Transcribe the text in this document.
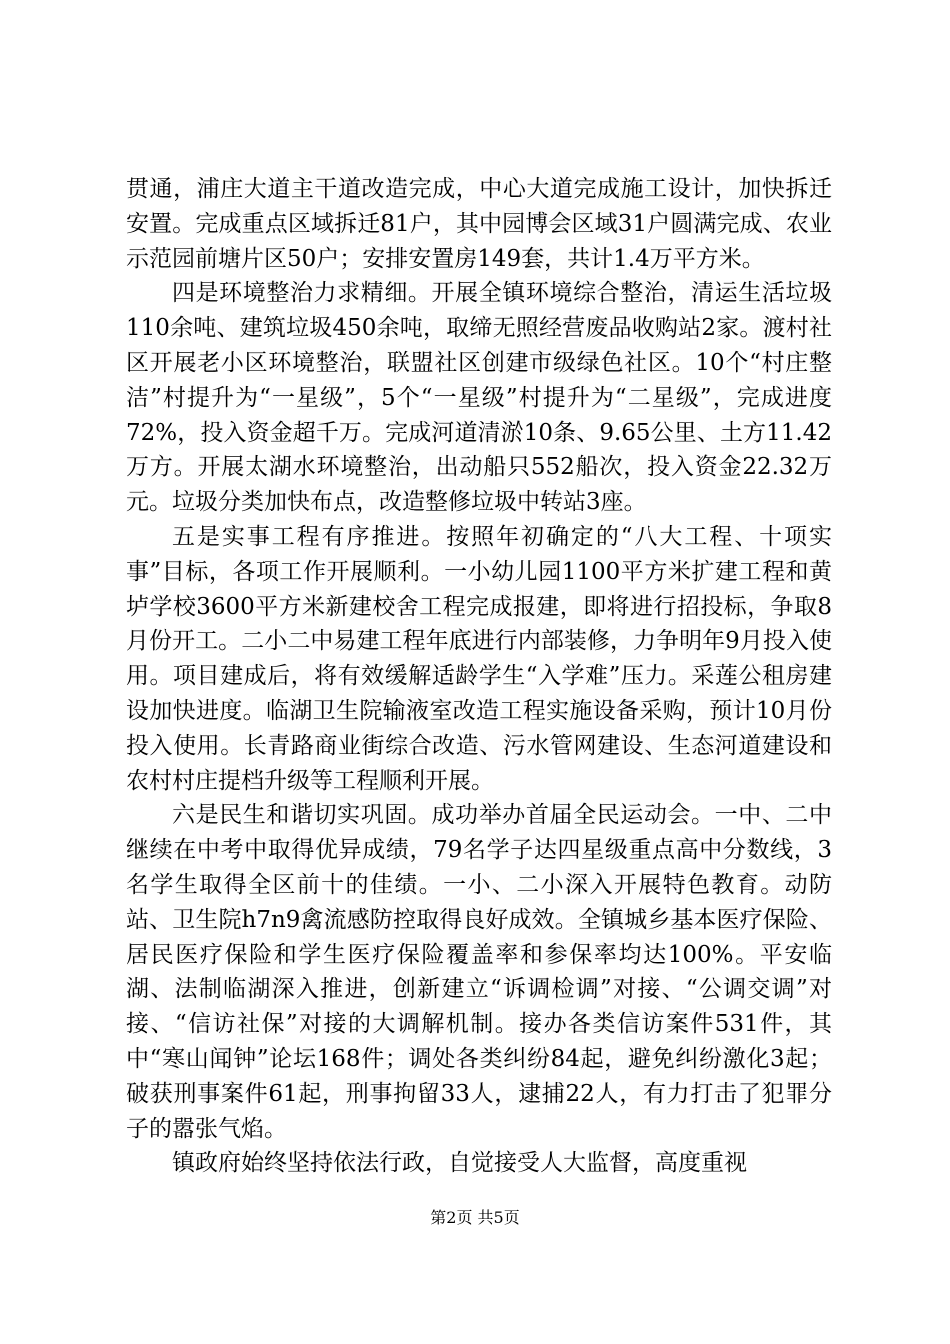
贯通，浦庄大道主干道改造完成，中心大道完成施工设计，加快拆迁安置。完成重点区域拆迁81户，其中园博会区域31户圆满完成、农业示范园前塘片区50户；安排安置房149套，共计1.4万平方米。

四是环境整治力求精细。开展全镇环境综合整治，清运生活垃圾110余吨、建筑垃圾450余吨，取缔无照经营废品收购站2家。渡村社区开展老小区环境整治，联盟社区创建市级绿色社区。10个“村庄整洁”村提升为“一星级”，5个“一星级”村提升为“二星级”，完成进度72%，投入资金超千万。完成河道清淤10条、9.65公里、土方11.42万方。开展太湖水环境整治，出动船只552船次，投入资金22.32万元。垃圾分类加快布点，改造整修垃圾中转站3座。

五是实事工程有序推进。按照年初确定的“八大工程、十项实事”目标，各项工作开展顺利。一小幼儿园1100平方米扩建工程和黄垆学校3600平方米新建校舍工程完成报建，即将进行招投标，争取8月份开工。二小二中易建工程年底进行内部装修，力争明年9月投入使用。项目建成后，将有效缓解适龄学生“入学难”压力。采莲公租房建设加快进度。临湖卫生院输液室改造工程实施设备采购，预计10月份投入使用。长青路商业街综合改造、污水管网建设、生态河道建设和农村村庄提档升级等工程顺利开展。

六是民生和谐切实巩固。成功举办首届全民运动会。一中、二中继续在中考中取得优异成绩，79名学子达四星级重点高中分数线，3名学生取得全区前十的佳绩。一小、二小深入开展特色教育。动防站、卫生院h7n9禽流感防控取得良好成效。全镇城乡基本医疗保险、居民医疗保险和学生医疗保险覆盖率和参保率均达100%。平安临湖、法制临湖深入推进，创新建立“诉调检调”对接、“公调交调”对接、“信访社保”对接的大调解机制。接办各类信访案件531件，其中“寒山闻钟”论坛168件；调处各类纠纷84起，避免纠纷激化3起；破获刑事案件61起，刑事拘留33人，逮捕22人，有力打击了犯罪分子的嚣张气焰。

镇政府始终坚持依法行政，自觉接受人大监督，高度重视

第2页 共5页
